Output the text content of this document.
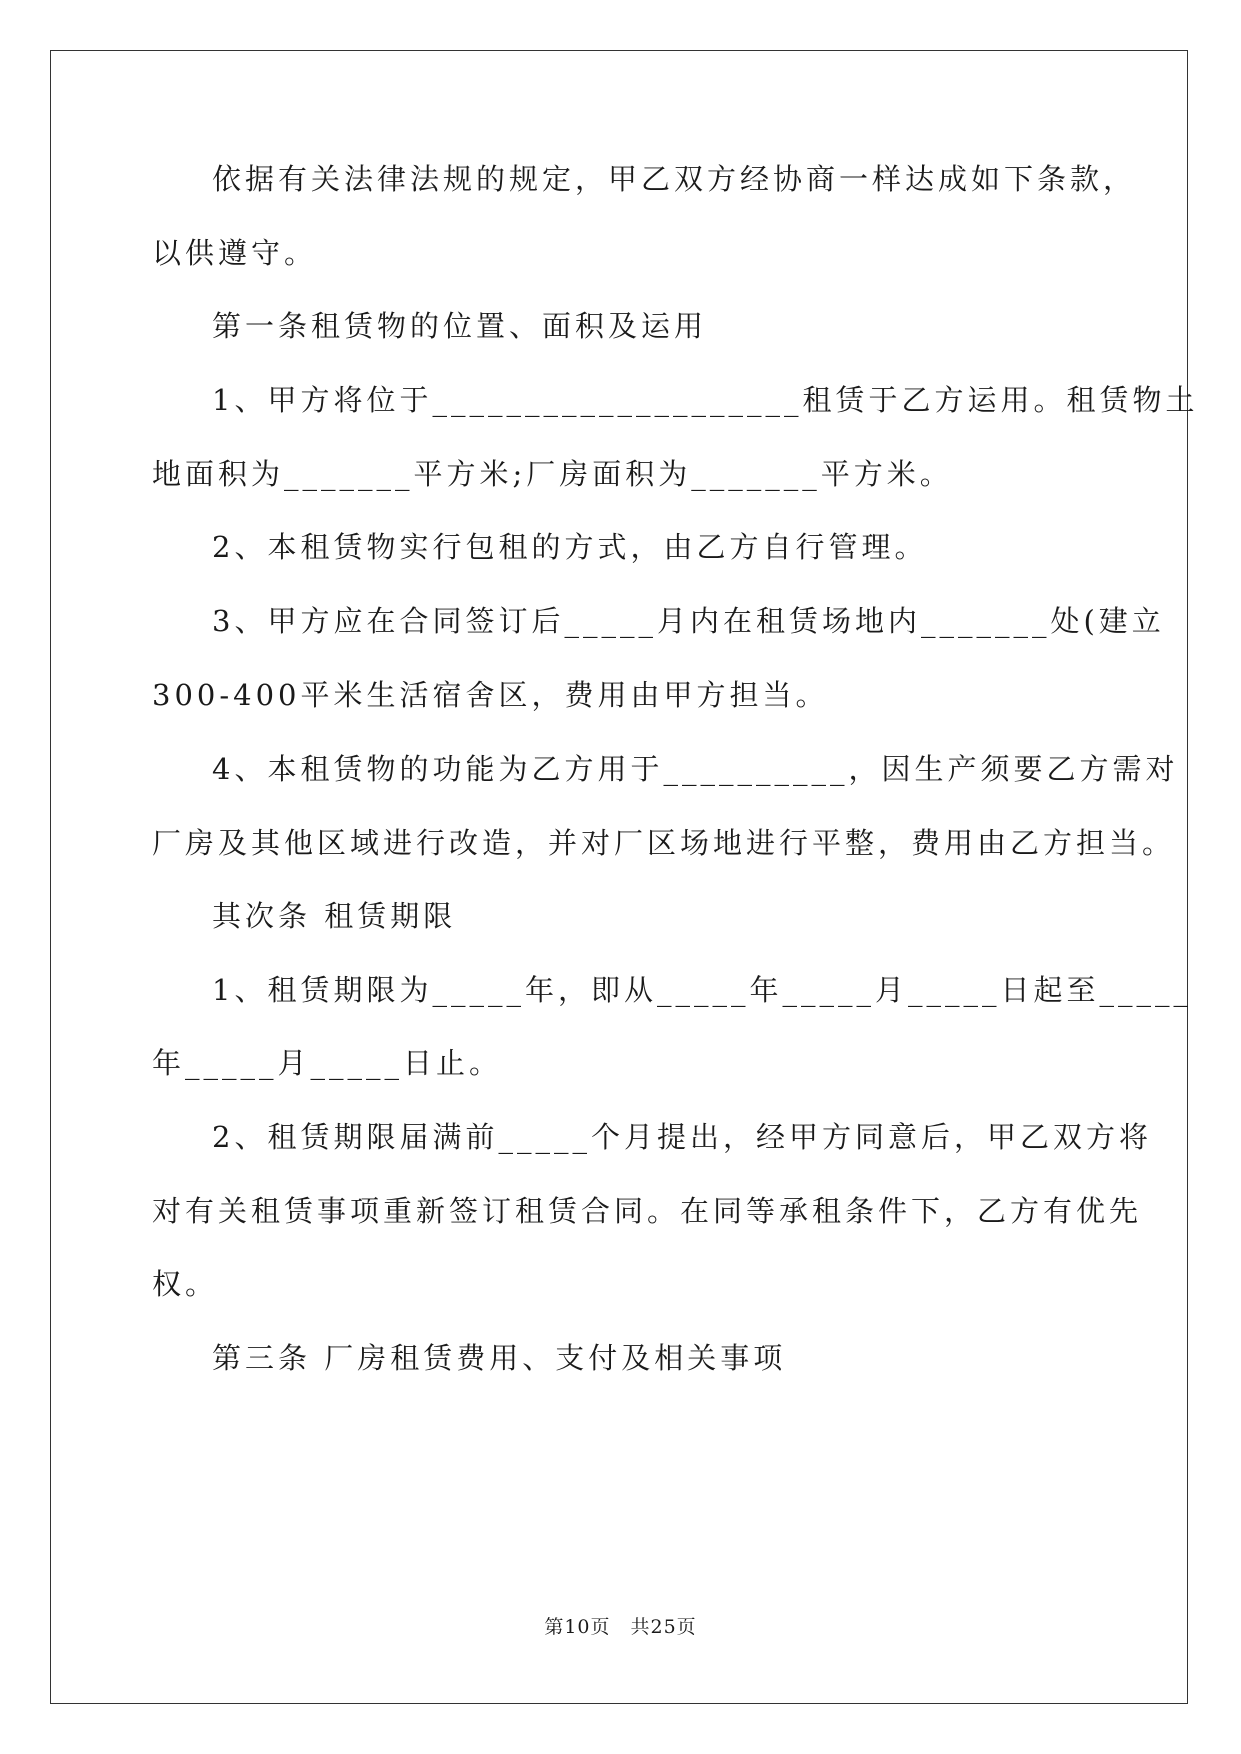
依据有关法律法规的规定，甲乙双方经协商一样达成如下条款，
以供遵守。
第一条租赁物的位置、面积及运用
1、甲方将位于____________________租赁于乙方运用。租赁物土
地面积为_______平方米;厂房面积为_______平方米。
2、本租赁物实行包租的方式，由乙方自行管理。
3、甲方应在合同签订后_____月内在租赁场地内_______处(建立
300-400平米生活宿舍区，费用由甲方担当。
4、本租赁物的功能为乙方用于__________，因生产须要乙方需对
厂房及其他区域进行改造，并对厂区场地进行平整，费用由乙方担当。
其次条 租赁期限
1、租赁期限为_____年，即从_____年_____月_____日起至_____
年_____月_____日止。
2、租赁期限届满前_____个月提出，经甲方同意后，甲乙双方将
对有关租赁事项重新签订租赁合同。在同等承租条件下，乙方有优先
权。
第三条 厂房租赁费用、支付及相关事项
第10页　共25页
